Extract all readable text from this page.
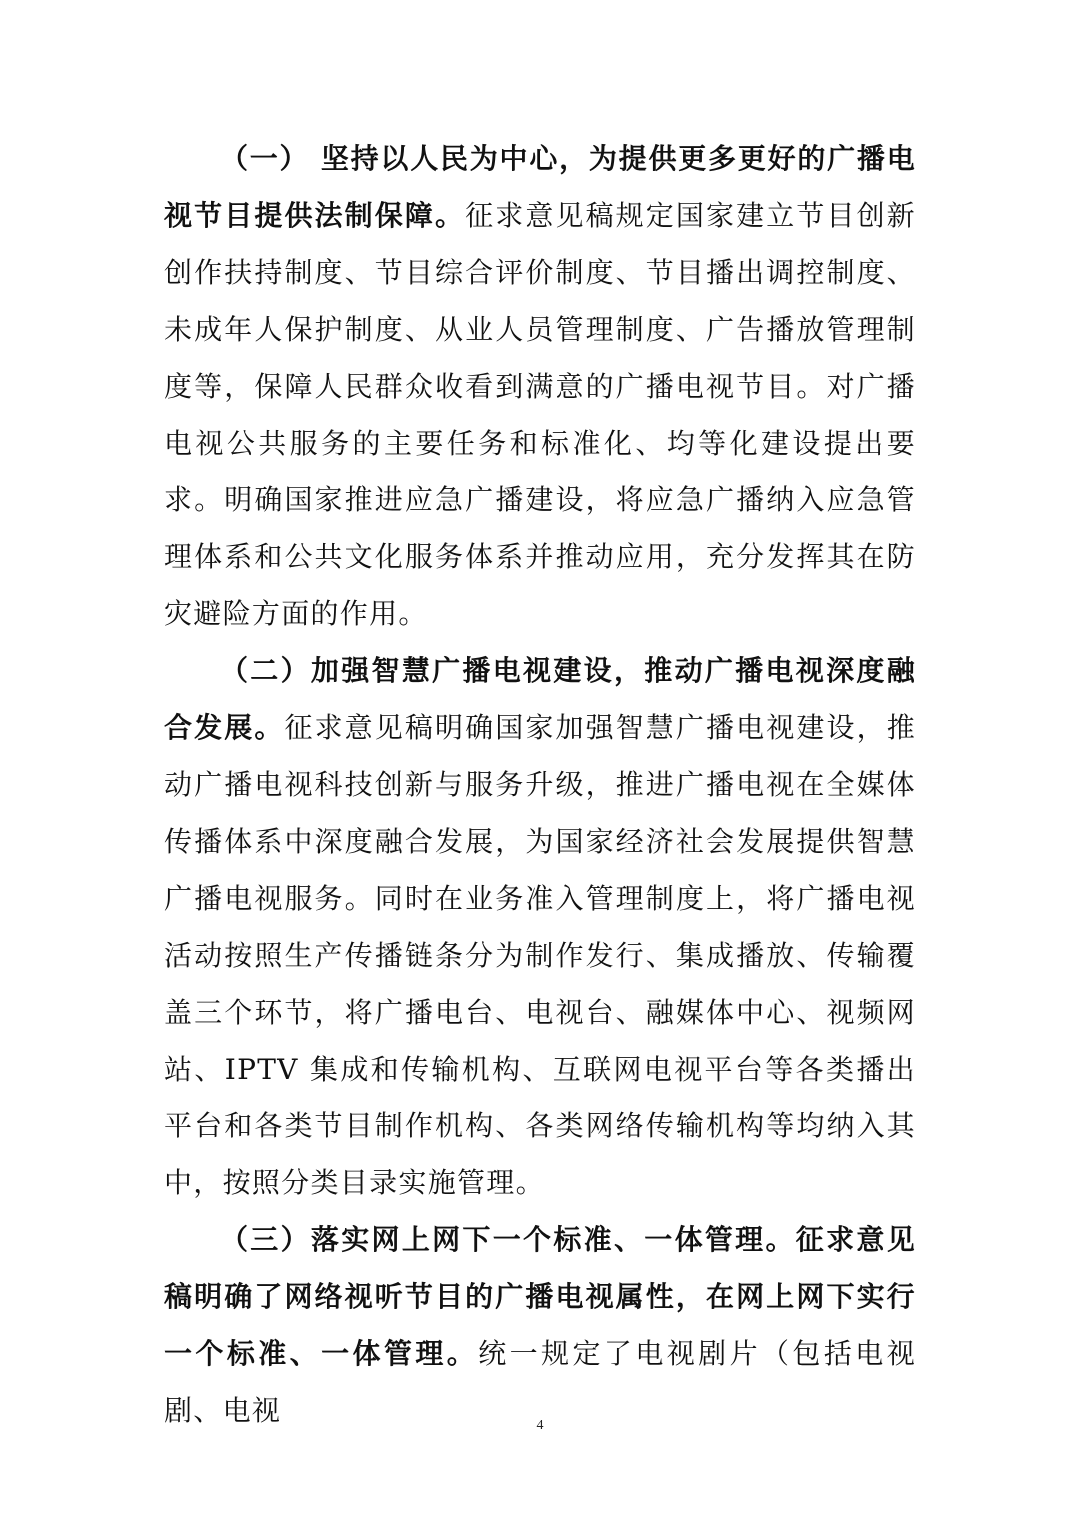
（一） 坚持以人民为中心，为提供更多更好的广播电视节目提供法制保障。征求意见稿规定国家建立节目创新创作扶持制度、节目综合评价制度、节目播出调控制度、未成年人保护制度、从业人员管理制度、广告播放管理制度等，保障人民群众收看到满意的广播电视节目。对广播电视公共服务的主要任务和标准化、均等化建设提出要求。明确国家推进应急广播建设，将应急广播纳入应急管理体系和公共文化服务体系并推动应用，充分发挥其在防灾避险方面的作用。

（二）加强智慧广播电视建设，推动广播电视深度融合发展。征求意见稿明确国家加强智慧广播电视建设，推动广播电视科技创新与服务升级，推进广播电视在全媒体传播体系中深度融合发展，为国家经济社会发展提供智慧广播电视服务。同时在业务准入管理制度上，将广播电视活动按照生产传播链条分为制作发行、集成播放、传输覆盖三个环节，将广播电台、电视台、融媒体中心、视频网站、IPTV 集成和传输机构、互联网电视平台等各类播出平台和各类节目制作机构、各类网络传输机构等均纳入其中，按照分类目录实施管理。

（三）落实网上网下一个标准、一体管理。征求意见稿明确了网络视听节目的广播电视属性，在网上网下实行一个标准、一体管理。统一规定了电视剧片（包括电视剧、电视	4
